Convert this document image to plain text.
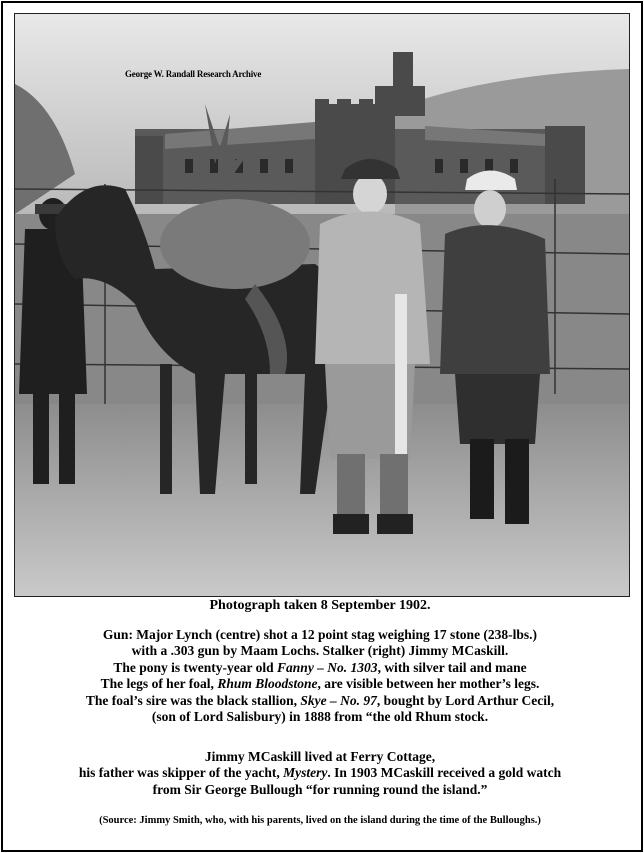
George W. Randall Research Archive
Photograph taken 8 September 1902.

Gun: Major Lynch (centre) shot a 12 point stag weighing 17 stone (238-lbs.)

with a .303 gun by Maam Lochs. Stalker (right) Jimmy MCaskill.

The pony is twenty-year old Fanny – No. 1303, with silver tail and mane

The legs of her foal, Rhum Bloodstone, are visible between her mother’s legs.

The foal’s sire was the black stallion, Skye – No. 97, bought by Lord Arthur Cecil,

(son of Lord Salisbury) in 1888 from “the old Rhum stock.

Jimmy MCaskill lived at Ferry Cottage,

his father was skipper of the yacht, Mystery. In 1903 MCaskill received a gold watch

from Sir George Bullough “for running round the island.”

(Source: Jimmy Smith, who, with his parents, lived on the island during the time of the Bulloughs.)
